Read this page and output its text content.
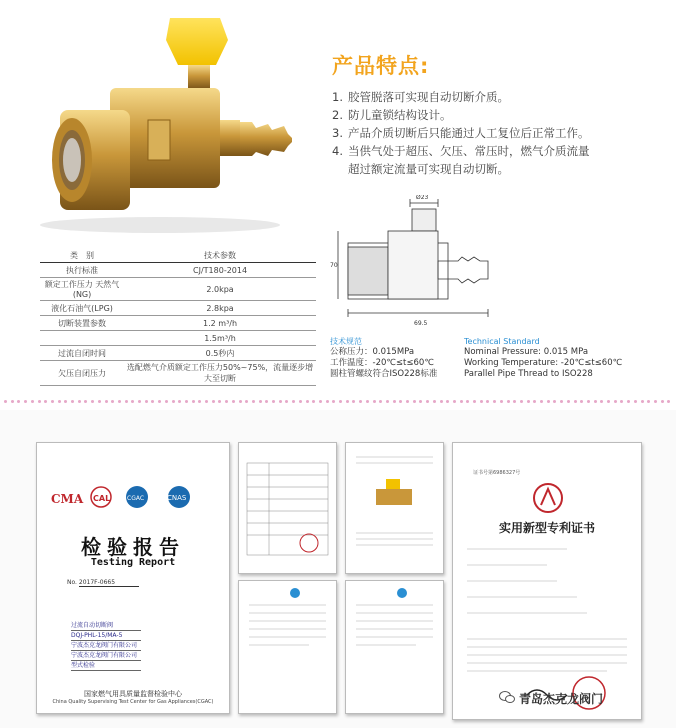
产品特点:
1. 胶管脱落可实现自动切断介质。
2. 防儿童锁结构设计。
3. 产品介质切断后只能通过人工复位后正常工作。
4. 当供气处于超压、欠压、常压时，燃气介质流量
超过额定流量可实现自动切断。
类　别	技术参数
执行标准	CJ/T180-2014
额定工作压力 天然气(NG)	2.0kpa
液化石油气(LPG)	2.8kpa
切断装置参数	1.2 m³/h
	1.5m³/h
过流自闭时间	0.5秒内
欠压自闭压力	选配燃气介质额定工作压力50%~75%，流量逐步增大至切断
Ø23
69.5
70
技术规范
公称压力：0.015MPa
工作温度：-20℃≤t≤60℃
圆柱管螺纹符合ISO228标准
Technical Standard
Nominal Pressure: 0.015 MPa
Working Temperature: -20℃≤t≤60℃
Parallel Pipe Thread to ISO228
CMA CAL	CGAC	CNAS
检验报告
Testing Report
No. 2017F-0665
过流自动切断阀
DQJ-PHL-15/MA-5
宁波杰克龙阀门有限公司
宁波杰克龙阀门有限公司
型式检验
国家燃气用具质量监督检验中心
China Quality Supervising Test Center for Gas Appliances(CGAC)
证书号第6986327号
实用新型专利证书
青岛杰克龙阀门
